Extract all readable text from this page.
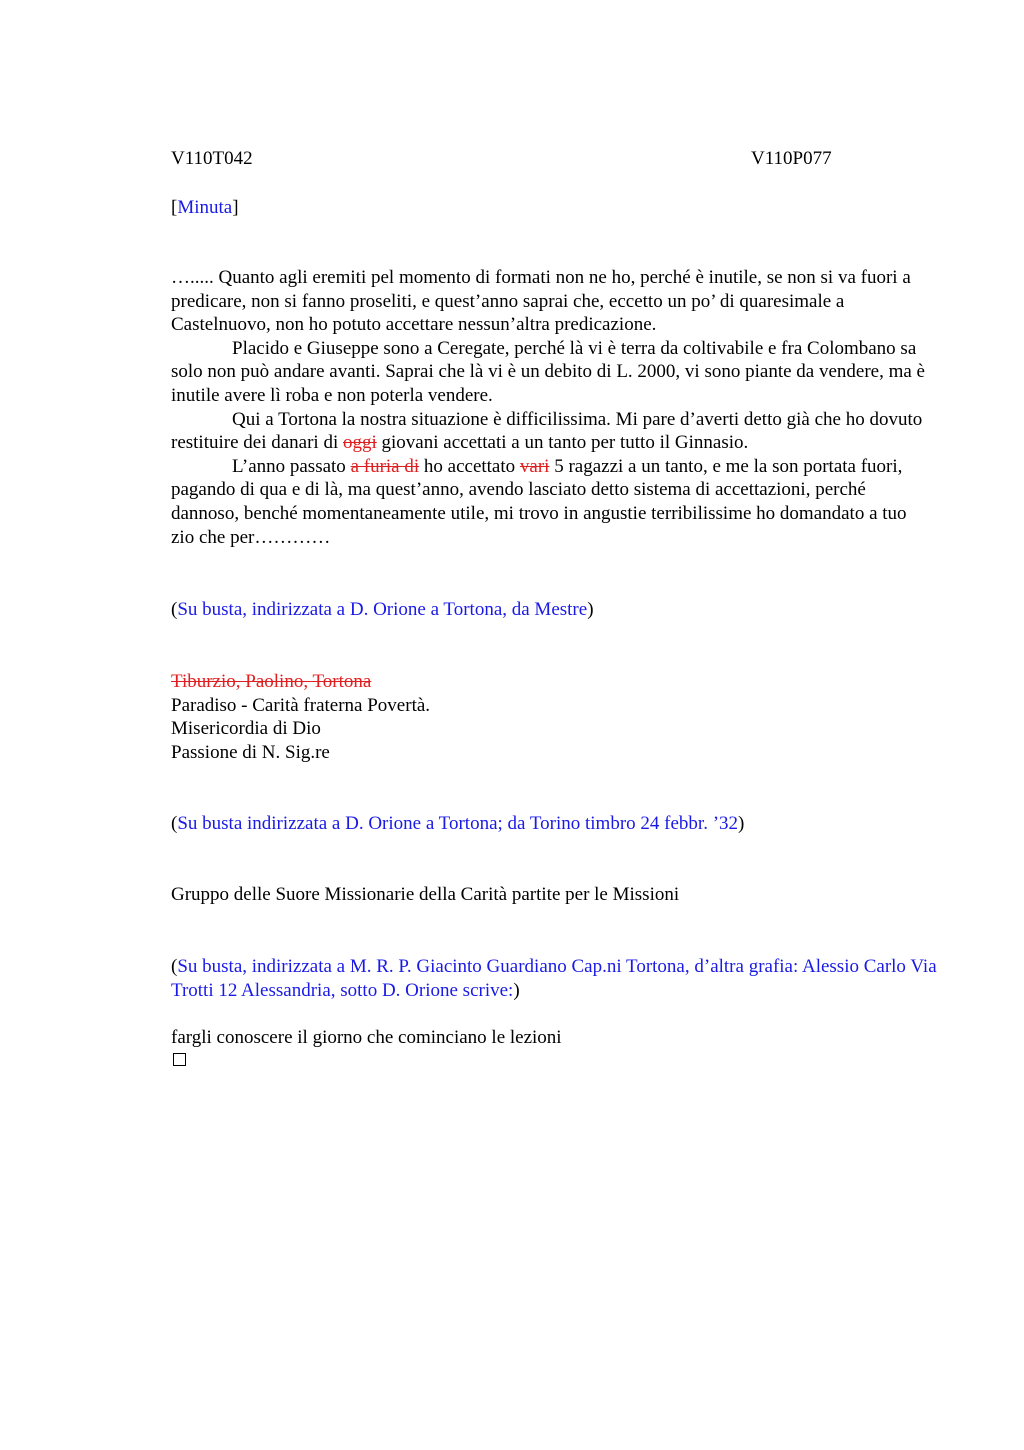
V110T042	V110P077
[Minuta]

…..... Quanto agli eremiti pel momento di formati non ne ho, perché è inutile, se non si va fuori a predicare, non si fanno proseliti, e quest’anno saprai che, eccetto un po’ di quaresimale a Castelnuovo, non ho potuto accettare nessun’altra predicazione.

Placido e Giuseppe sono a Ceregate, perché là vi è terra da coltivabile e fra Colombano sa solo non può andare avanti. Saprai che là vi è un debito di L. 2000, vi sono piante da vendere, ma è inutile avere lì roba e non poterla vendere.

Qui a Tortona la nostra situazione è difficilissima. Mi pare d’averti detto già che ho dovuto restituire dei danari di oggi giovani accettati a un tanto per tutto il Ginnasio.

L’anno passato a furia di ho accettato vari 5 ragazzi a un tanto, e me la son portata fuori, pagando di qua e di là, ma quest’anno, avendo lasciato detto sistema di accettazioni, perché dannoso, benché momentaneamente utile, mi trovo in angustie terribilissime ho domandato a tuo zio che per…………

(Su busta, indirizzata a D. Orione a Tortona, da Mestre)

Tiburzio, Paolino, Tortona

Paradiso - Carità fraterna Povertà.

Misericordia di Dio

Passione di N. Sig.re

(Su busta indirizzata a D. Orione a Tortona; da Torino timbro 24 febbr. ’32)
Gruppo delle Suore Missionarie della Carità partite per le Missioni

(Su busta, indirizzata a M. R. P. Giacinto Guardiano Cap.ni Tortona, d’altra grafia: Alessio Carlo Via Trotti 12 Alessandria, sotto D. Orione scrive:)

fargli conoscere il giorno che cominciano le lezioni
